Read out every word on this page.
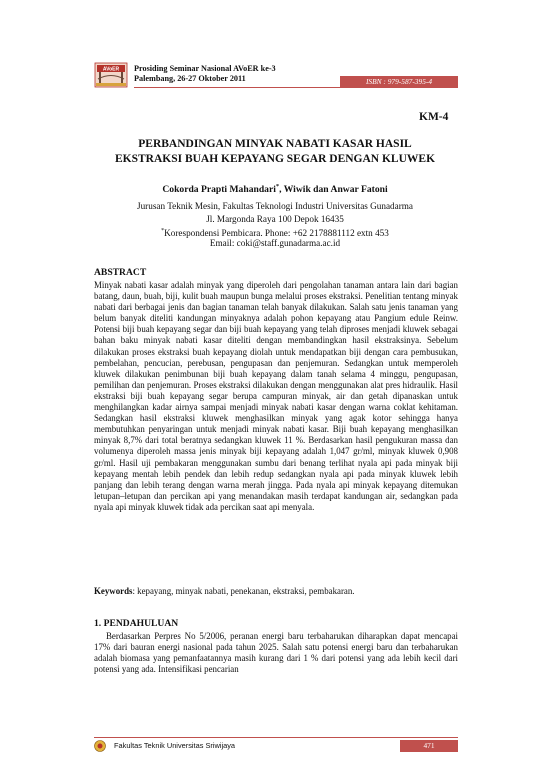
AVoER Prosiding Seminar Nasional AVoER ke-3
Palembang, 26-27 Oktober 2011	ISBN : 979-587-395-4
KM-4
PERBANDINGAN MINYAK NABATI KASAR HASIL
EKSTRAKSI BUAH KEPAYANG SEGAR DENGAN KLUWEK
Cokorda Prapti Mahandari*, Wiwik dan Anwar Fatoni
Jurusan Teknik Mesin, Fakultas Teknologi Industri Universitas Gunadarma
Jl. Margonda Raya 100 Depok 16435
*Korespondensi Pembicara. Phone: +62 2178881112 extn 453
Email: coki@staff.gunadarma.ac.id
ABSTRACT
Minyak nabati kasar adalah minyak yang diperoleh dari pengolahan tanaman antara lain dari bagian batang, daun, buah, biji, kulit buah maupun bunga melalui proses ekstraksi. Penelitian tentang minyak nabati dari berbagai jenis dan bagian tanaman telah banyak dilakukan. Salah satu jenis tanaman yang belum banyak diteliti kandungan minyaknya adalah pohon kepayang atau Pangium edule Reinw. Potensi biji buah kepayang segar dan biji buah kepayang yang telah diproses menjadi kluwek sebagai bahan baku minyak nabati kasar diteliti dengan membandingkan hasil ekstraksinya. Sebelum dilakukan proses ekstraksi buah kepayang diolah untuk mendapatkan biji dengan cara pembusukan, pembelahan, pencucian, perebusan, pengupasan dan penjemuran. Sedangkan untuk memperoleh kluwek dilakukan penimbunan biji buah kepayang dalam tanah selama 4 minggu, pengupasan, pemilihan dan penjemuran. Proses ekstraksi dilakukan dengan menggunakan alat pres hidraulik. Hasil ekstraksi biji buah kepayang segar berupa campuran minyak, air dan getah dipanaskan untuk menghilangkan kadar airnya sampai menjadi minyak nabati kasar dengan warna coklat kehitaman. Sedangkan hasil ekstraksi kluwek menghasilkan minyak yang agak kotor sehingga hanya membutuhkan penyaringan untuk menjadi minyak nabati kasar. Biji buah kepayang menghasilkan minyak 8,7% dari total beratnya sedangkan kluwek 11 %. Berdasarkan hasil pengukuran massa dan volumenya diperoleh massa jenis minyak biji kepayang adalah 1,047 gr/ml, minyak kluwek 0,908 gr/ml. Hasil uji pembakaran menggunakan sumbu dari benang terlihat nyala api pada minyak biji kepayang mentah lebih pendek dan lebih redup sedangkan nyala api pada minyak kluwek lebih panjang dan lebih terang dengan warna merah jingga. Pada nyala api minyak kepayang ditemukan letupan–letupan dan percikan api yang menandakan masih terdapat kandungan air, sedangkan pada nyala api minyak kluwek tidak ada percikan saat api menyala.
Keywords: kepayang, minyak nabati, penekanan, ekstraksi, pembakaran.
1. PENDAHULUAN
Berdasarkan Perpres No 5/2006, peranan energi baru terbaharukan diharapkan dapat mencapai 17% dari bauran energi nasional pada tahun 2025. Salah satu potensi energi baru dan terbaharukan adalah biomasa yang pemanfaatannya masih kurang dari 1 % dari potensi yang ada lebih kecil dari potensi yang ada. Intensifikasi pencarian
Fakultas Teknik Universitas Sriwijaya	471
